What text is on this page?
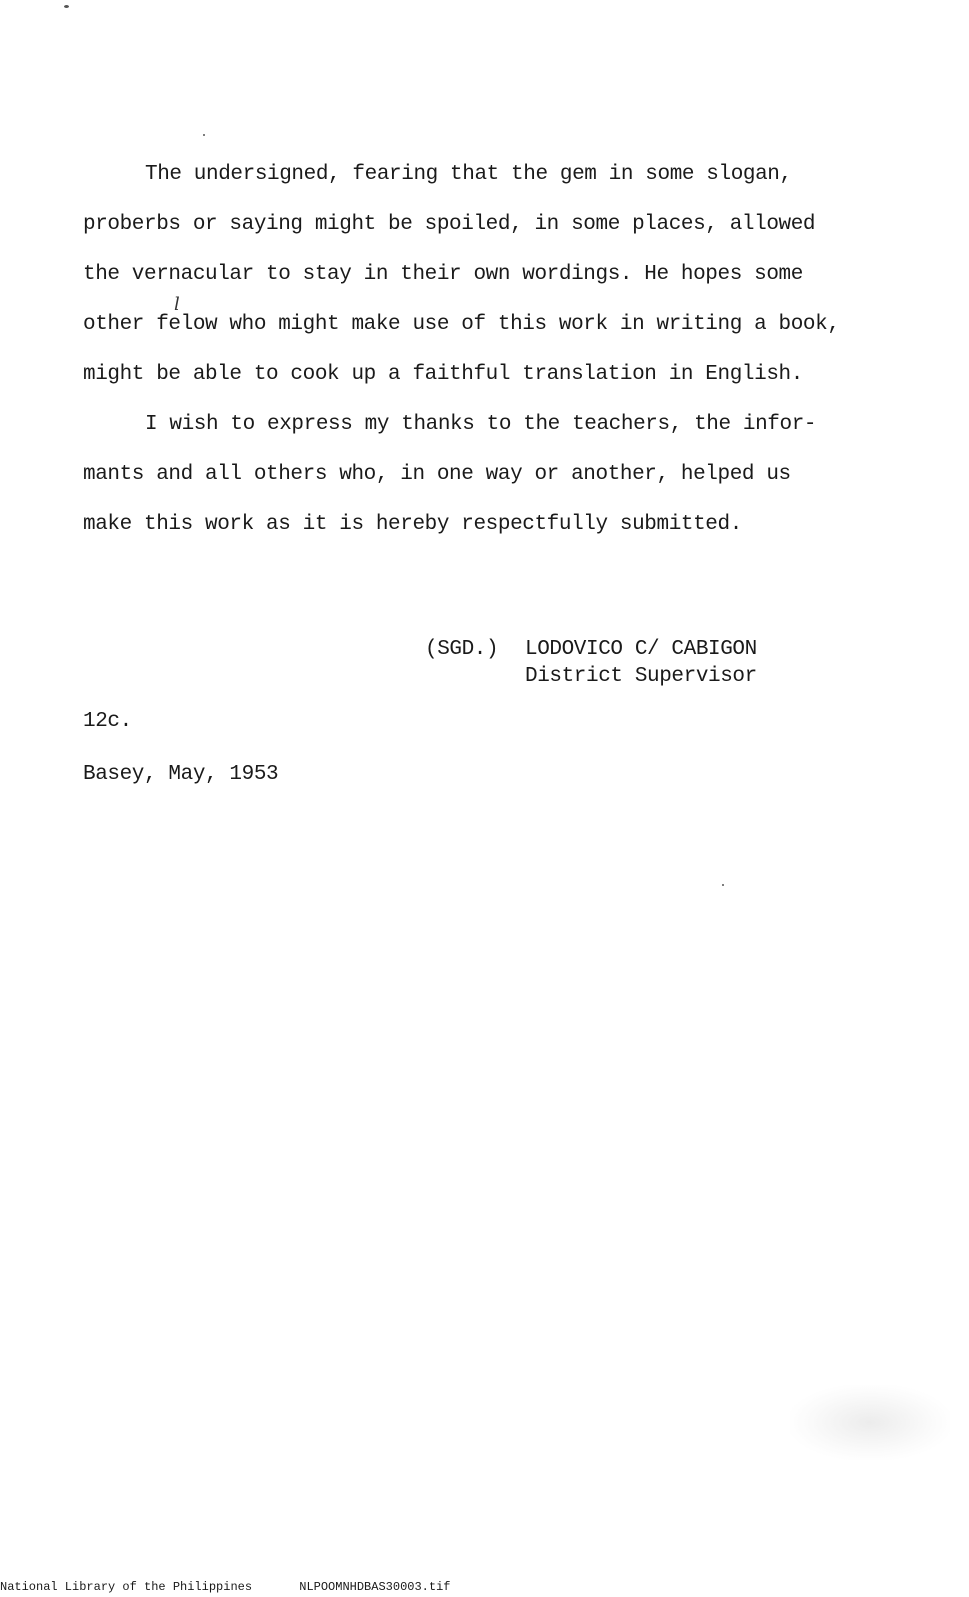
The undersigned, fearing that the gem in some slogan,
proberbs or saying might be spoiled, in some places, allowed
the vernacular to stay in their own wordings. He hopes some
other felow who might make use of this work in writing a book,
might be able to cook up a faithful translation in English.
I wish to express my thanks to the teachers, the infor-
mants and all others who, in one way or another, helped us
make this work as it is hereby respectfully submitted.
l
(SGD.) LODOVICO C/ CABIGON
District Supervisor
12c.
Basey, May, 1953
National Library of the Philippines	NLPOOMNHDBAS30003.tif
